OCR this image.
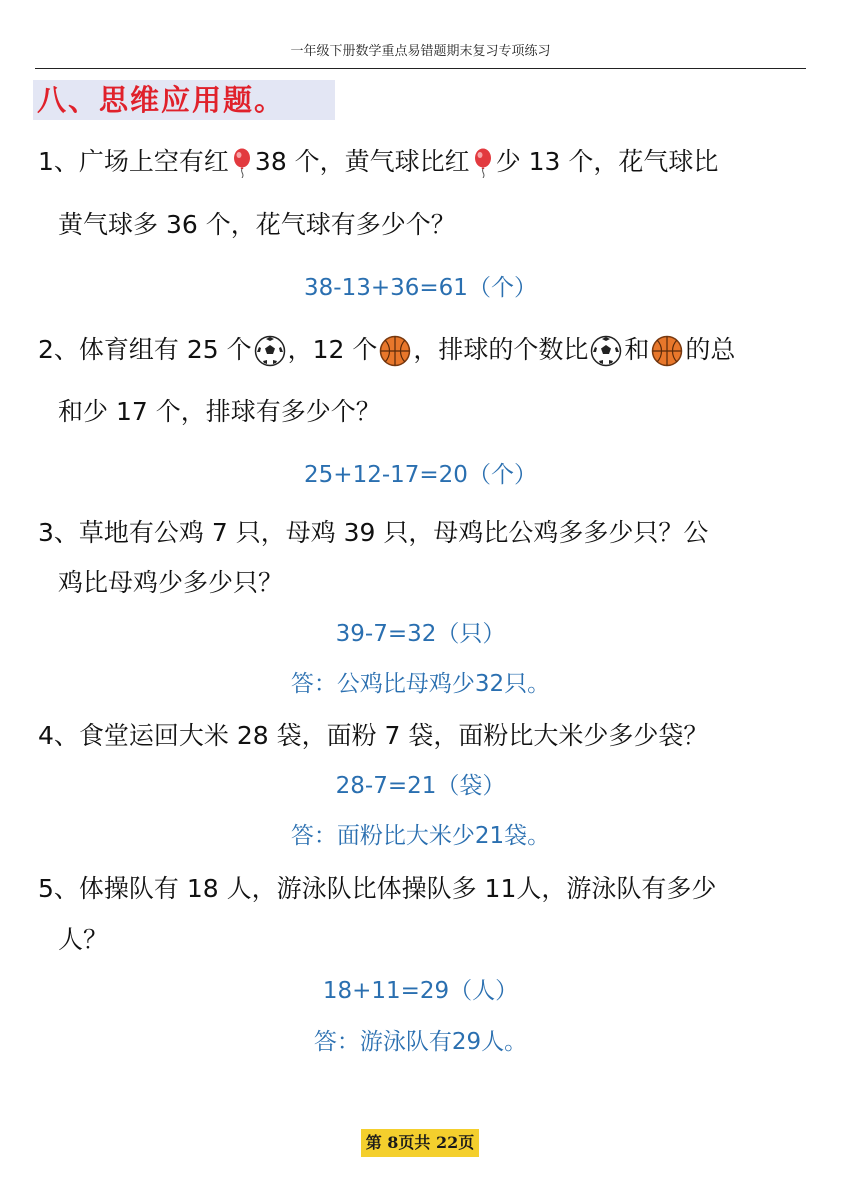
一年级下册数学重点易错题期末复习专项练习
八、思维应用题。
1、广场上空有红 38 个，黄气球比红 少 13 个，花气球比
黄气球多 36 个，花气球有多少个？
38-13+36=61（个）
2、体育组有 25 个 ，12 个 ，排球的个数比 和 的总
和少 17 个，排球有多少个？
25+12-17=20（个）
3、草地有公鸡 7 只，母鸡 39 只，母鸡比公鸡多多少只？公
鸡比母鸡少多少只？
39-7=32（只）
答：公鸡比母鸡少32只。
4、食堂运回大米 28 袋，面粉 7 袋，面粉比大米少多少袋？
28-7=21（袋）
答：面粉比大米少21袋。
5、体操队有 18 人，游泳队比体操队多 11人，游泳队有多少
人？
18+11=29（人）
答：游泳队有29人。
第 8页共 22页
